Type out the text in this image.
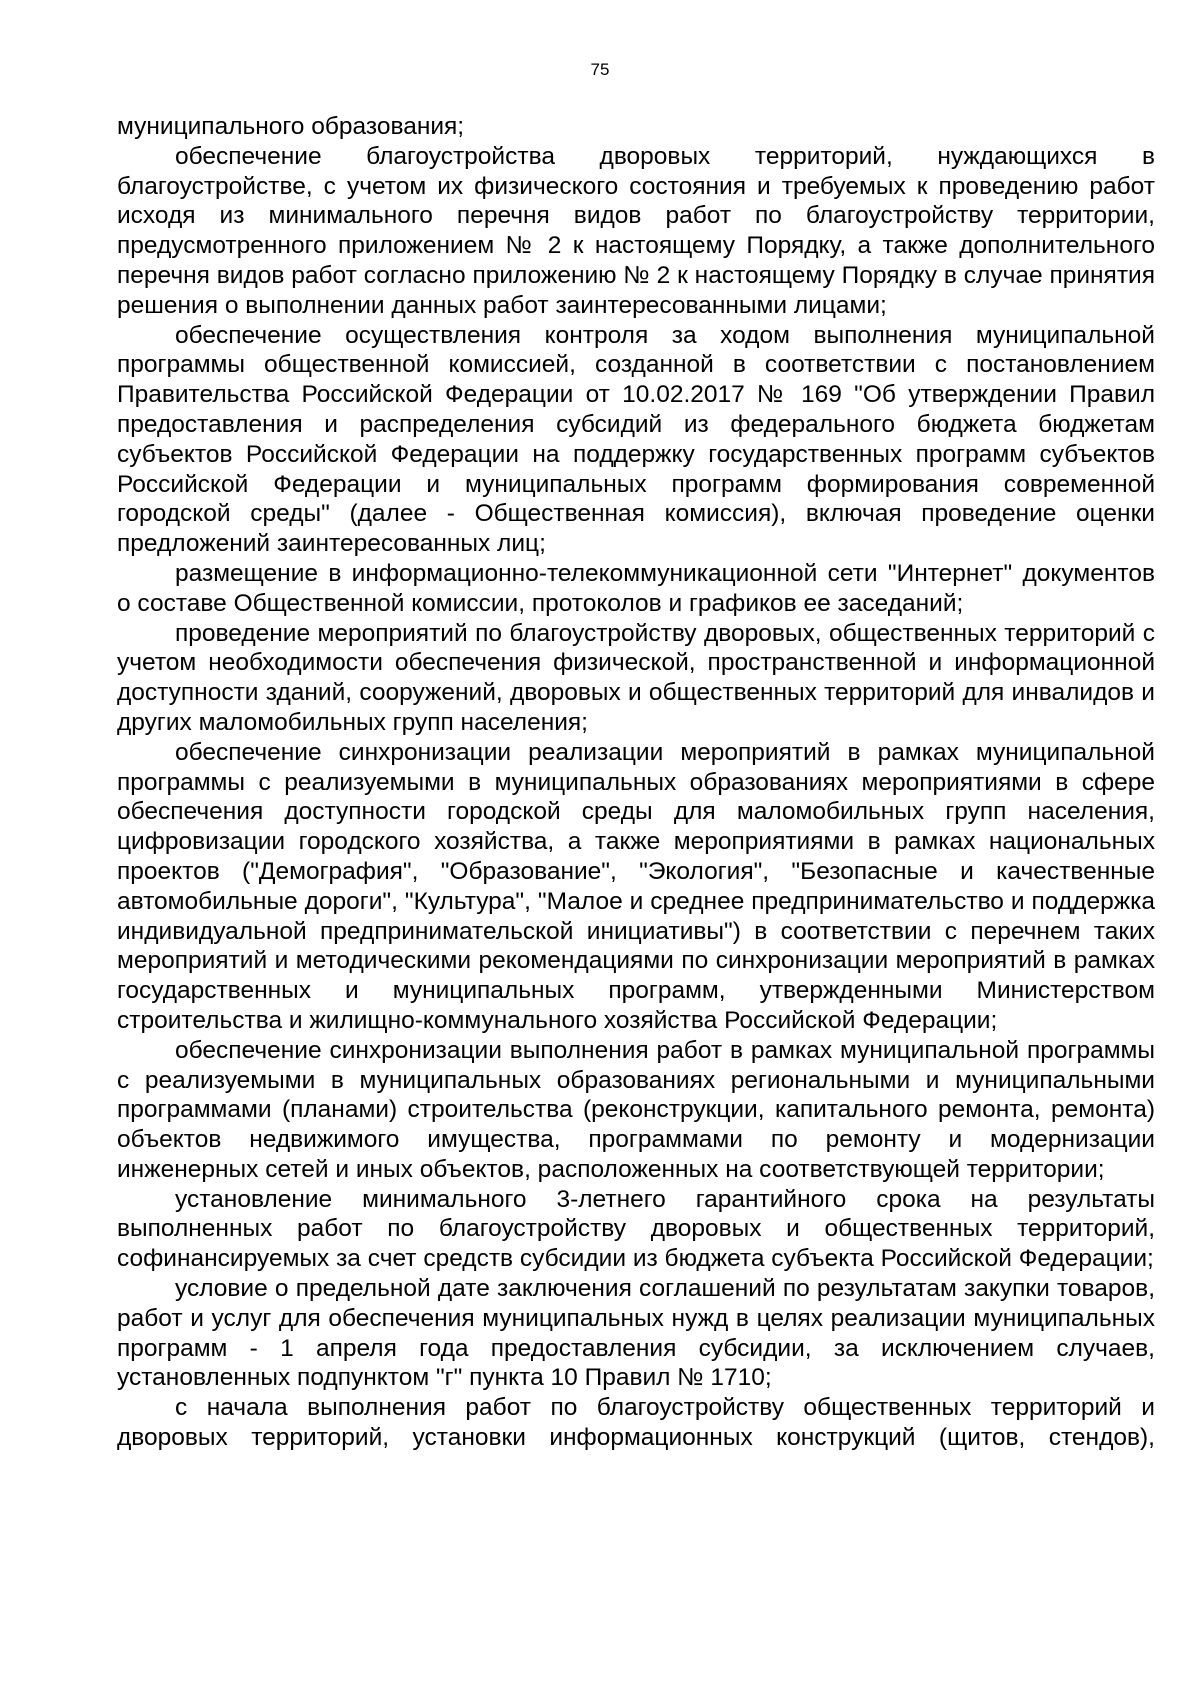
75

муниципального образования;

обеспечение благоустройства дворовых территорий, нуждающихся в благоустройстве, с учетом их физического состояния и требуемых к проведению работ исходя из минимального перечня видов работ по благоустройству территории, предусмотренного приложением № 2 к настоящему Порядку, а также дополнительного перечня видов работ согласно приложению № 2 к настоящему Порядку в случае принятия решения о выполнении данных работ заинтересованными лицами;

обеспечение осуществления контроля за ходом выполнения муниципальной программы общественной комиссией, созданной в соответствии с постановлением Правительства Российской Федерации от 10.02.2017 № 169 "Об утверждении Правил предоставления и распределения субсидий из федерального бюджета бюджетам субъектов Российской Федерации на поддержку государственных программ субъектов Российской Федерации и муниципальных программ формирования современной городской среды" (далее - Общественная комиссия), включая проведение оценки предложений заинтересованных лиц;

размещение в информационно-телекоммуникационной сети "Интернет" документов о составе Общественной комиссии, протоколов и графиков ее заседаний;

проведение мероприятий по благоустройству дворовых, общественных территорий с учетом необходимости обеспечения физической, пространственной и информационной доступности зданий, сооружений, дворовых и общественных территорий для инвалидов и других маломобильных групп населения;

обеспечение синхронизации реализации мероприятий в рамках муниципальной программы с реализуемыми в муниципальных образованиях мероприятиями в сфере обеспечения доступности городской среды для маломобильных групп населения, цифровизации городского хозяйства, а также мероприятиями в рамках национальных проектов ("Демография", "Образование", "Экология", "Безопасные и качественные автомобильные дороги", "Культура", "Малое и среднее предпринимательство и поддержка индивидуальной предпринимательской инициативы") в соответствии с перечнем таких мероприятий и методическими рекомендациями по синхронизации мероприятий в рамках государственных и муниципальных программ, утвержденными Министерством строительства и жилищно-коммунального хозяйства Российской Федерации;

обеспечение синхронизации выполнения работ в рамках муниципальной программы с реализуемыми в муниципальных образованиях региональными и муниципальными программами (планами) строительства (реконструкции, капитального ремонта, ремонта) объектов недвижимого имущества, программами по ремонту и модернизации инженерных сетей и иных объектов, расположенных на соответствующей территории;

установление минимального 3-летнего гарантийного срока на результаты выполненных работ по благоустройству дворовых и общественных территорий, софинансируемых за счет средств субсидии из бюджета субъекта Российской Федерации;

условие о предельной дате заключения соглашений по результатам закупки товаров, работ и услуг для обеспечения муниципальных нужд в целях реализации муниципальных программ - 1 апреля года предоставления субсидии, за исключением случаев, установленных подпунктом "г" пункта 10 Правил № 1710;

с начала выполнения работ по благоустройству общественных территорий и дворовых территорий, установки информационных конструкций (щитов, стендов),
